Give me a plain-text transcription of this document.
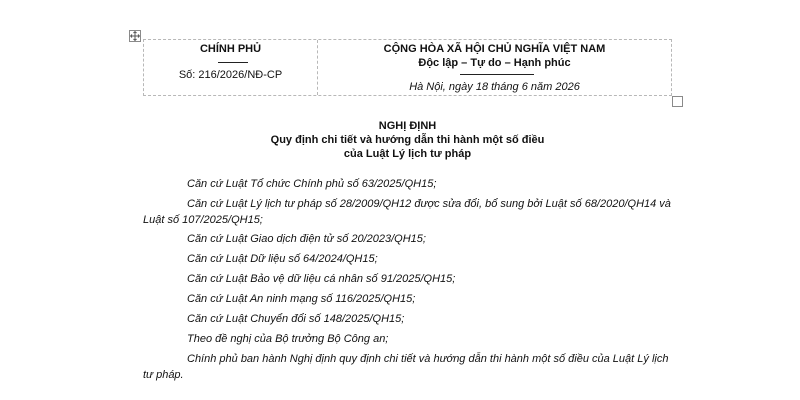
CHÍNH PHỦ
Số: 216/2026/NĐ-CP
CỘNG HÒA XÃ HỘI CHỦ NGHĨA VIỆT NAM
Độc lập – Tự do – Hạnh phúc
Hà Nội, ngày 18 tháng 6 năm 2026
NGHỊ ĐỊNH
Quy định chi tiết và hướng dẫn thi hành một số điều
của Luật Lý lịch tư pháp
Căn cứ Luật Tổ chức Chính phủ số 63/2025/QH15;
Căn cứ Luật Lý lịch tư pháp số 28/2009/QH12 được sửa đổi, bổ sung bởi Luật số 68/2020/QH14 và Luật số 107/2025/QH15;
Căn cứ Luật Giao dịch điện tử số 20/2023/QH15;
Căn cứ Luật Dữ liệu số 64/2024/QH15;
Căn cứ Luật Bảo vệ dữ liệu cá nhân số 91/2025/QH15;
Căn cứ Luật An ninh mạng số 116/2025/QH15;
Căn cứ Luật Chuyển đổi số 148/2025/QH15;
Theo đề nghị của Bộ trưởng Bộ Công an;
Chính phủ ban hành Nghị định quy định chi tiết và hướng dẫn thi hành một số điều của Luật Lý lịch tư pháp.
